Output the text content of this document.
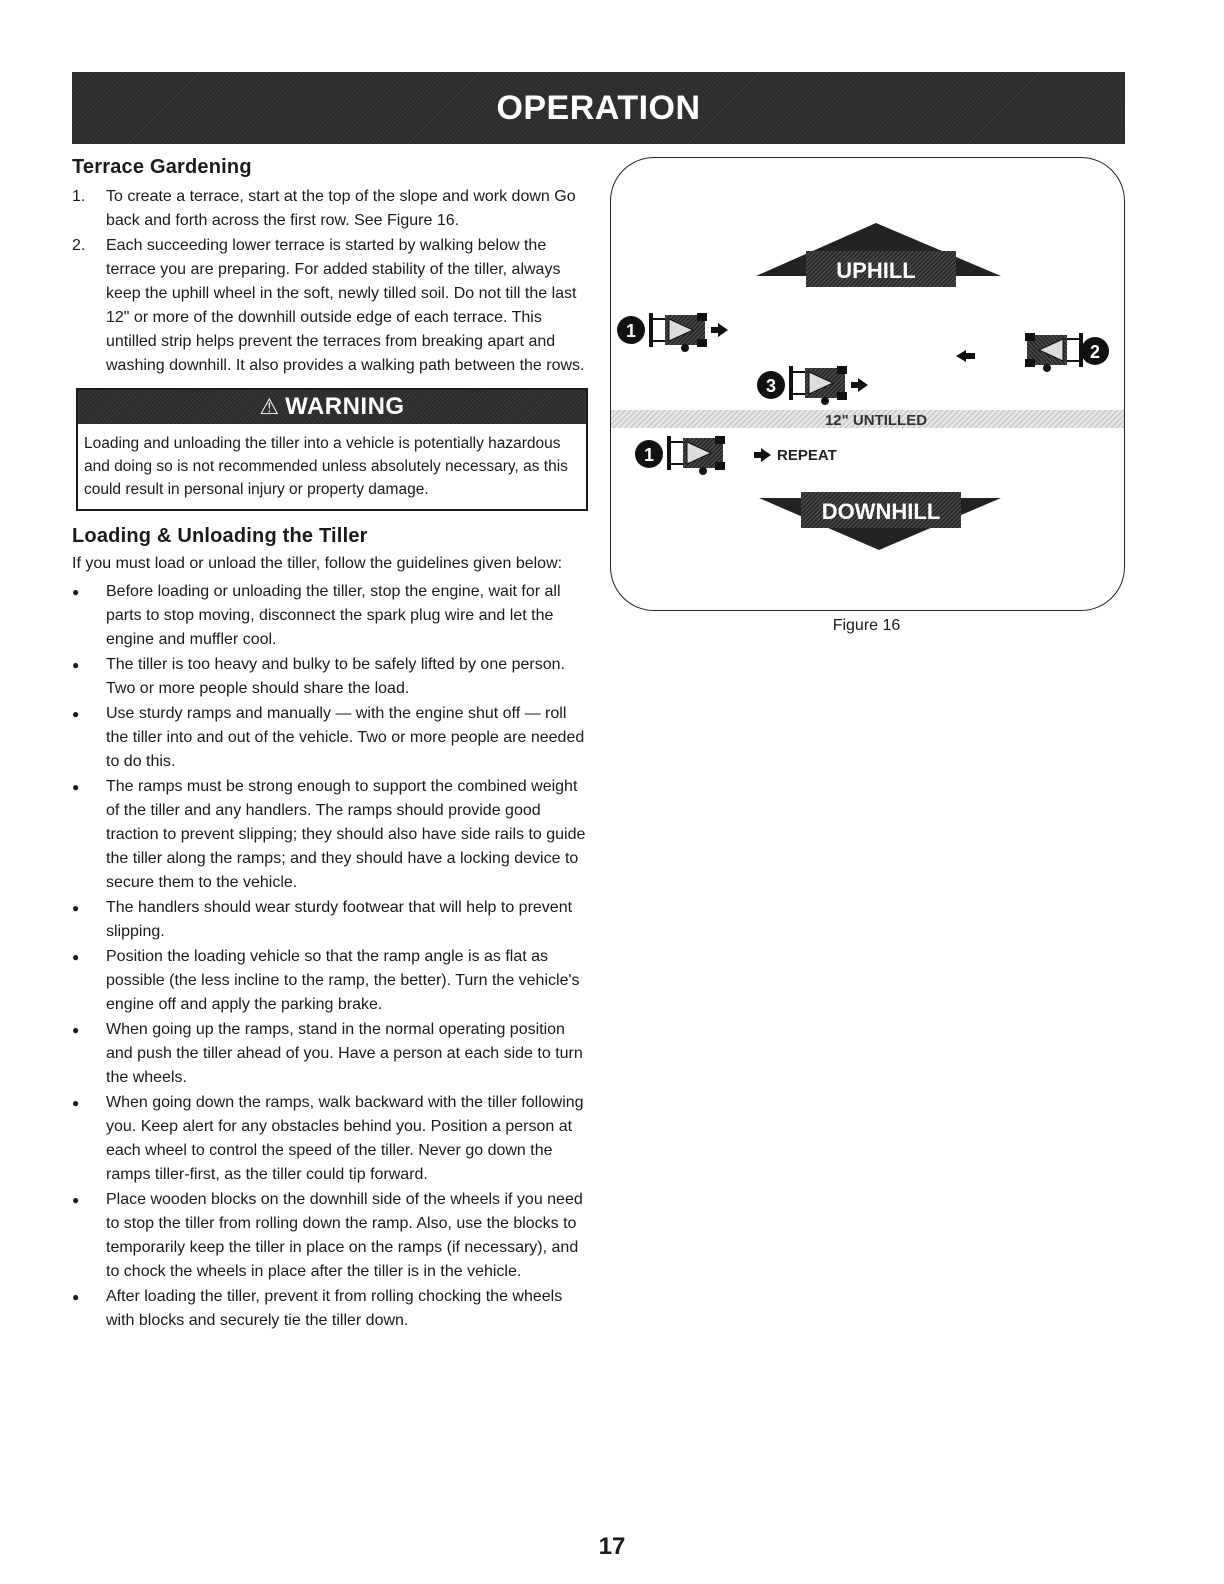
OPERATION
Terrace Gardening
1. To create a terrace, start at the top of the slope and work down Go back and forth across the first row. See Figure 16.
2. Each succeeding lower terrace is started by walking below the terrace you are preparing. For added stability of the tiller, always keep the uphill wheel in the soft, newly tilled soil. Do not till the last 12" or more of the downhill outside edge of each terrace. This untilled strip helps prevent the terraces from breaking apart and washing downhill. It also provides a walking path between the rows.
⚠ WARNING
Loading and unloading the tiller into a vehicle is potentially hazardous and doing so is not recommended unless absolutely necessary, as this could result in personal injury or property damage.
Loading & Unloading the Tiller
If you must load or unload the tiller, follow the guidelines given below:
● Before loading or unloading the tiller, stop the engine, wait for all parts to stop moving, disconnect the spark plug wire and let the engine and muffler cool.
● The tiller is too heavy and bulky to be safely lifted by one person. Two or more people should share the load.
● Use sturdy ramps and manually — with the engine shut off — roll the tiller into and out of the vehicle. Two or more people are needed to do this.
● The ramps must be strong enough to support the combined weight of the tiller and any handlers. The ramps should provide good traction to prevent slipping; they should also have side rails to guide the tiller along the ramps; and they should have a locking device to secure them to the vehicle.
● The handlers should wear sturdy footwear that will help to prevent slipping.
● Position the loading vehicle so that the ramp angle is as flat as possible (the less incline to the ramp, the better). Turn the vehicle's engine off and apply the parking brake.
● When going up the ramps, stand in the normal operating position and push the tiller ahead of you. Have a person at each side to turn the wheels.
● When going down the ramps, walk backward with the tiller following you. Keep alert for any obstacles behind you. Position a person at each wheel to control the speed of the tiller. Never go down the ramps tiller-first, as the tiller could tip forward.
● Place wooden blocks on the downhill side of the wheels if you need to stop the tiller from rolling down the ramp. Also, use the blocks to temporarily keep the tiller in place on the ramps (if necessary), and to chock the wheels in place after the tiller is in the vehicle.
● After loading the tiller, prevent it from rolling chocking the wheels with blocks and securely tie the tiller down.
UPHILL
1
2
3
12" UNTILLED
1	REPEAT
DOWNHILL
Figure 16
17
